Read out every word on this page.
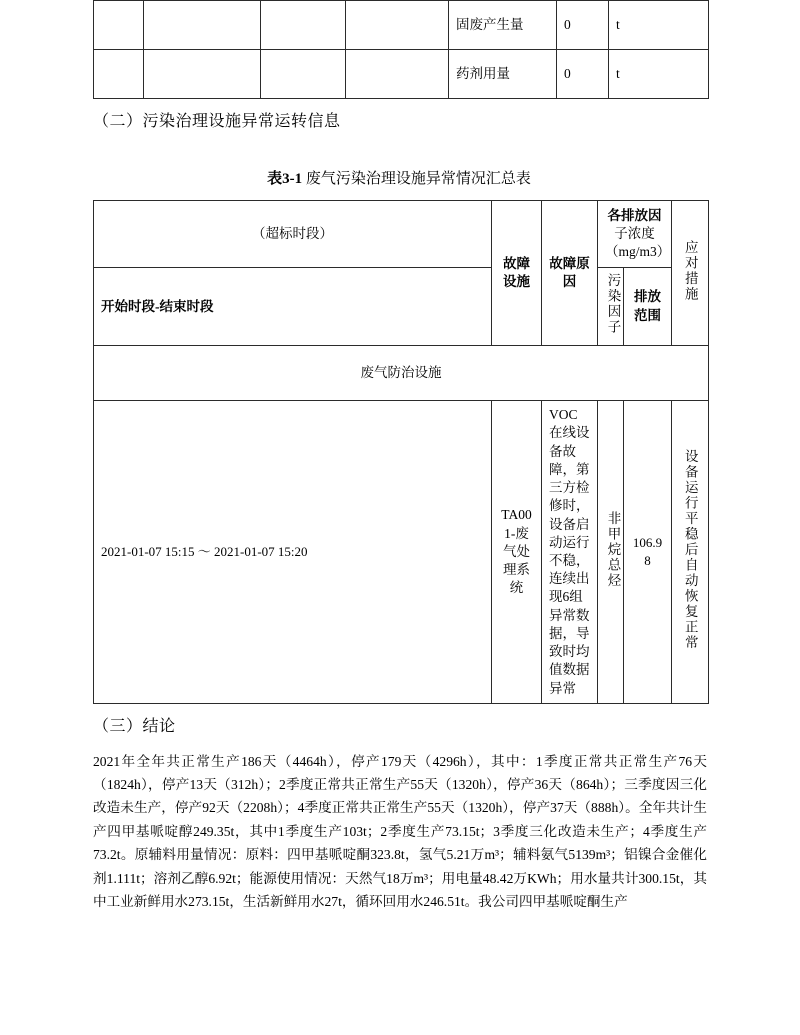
				固废产生量	0	t
				药剂用量	0	t
（二）污染治理设施异常运转信息
表3-1 废气污染治理设施异常情况汇总表
（超标时段）	故障设施	故障原因	各排放因子浓度（mg/m3）		应对措施
开始时段-结束时段			污染因子	排放范围	
废气防治设施					
2021-01-07 15:15 ～ 2021-01-07 15:20	TA001-废气处理系统	VOC在线设备故障，第三方检修时，设备启动运行不稳，连续出现6组异常数据，导致时均值数据异常	非甲烷总烃	106.98	设备运行平稳后自动恢复正常
（三）结论
2021年全年共正常生产186天（4464h），停产179天（4296h），其中：1季度正常共正常生产76天（1824h），停产13天（312h）；2季度正常共正常生产55天（1320h），停产36天（864h）；三季度因三化改造未生产，停产92天（2208h）；4季度正常共正常生产55天（1320h），停产37天（888h）。全年共计生产四甲基哌啶醇249.35t，其中1季度生产103t；2季度生产73.15t；3季度三化改造未生产；4季度生产73.2t。原辅料用量情况：原料：四甲基哌啶酮323.8t，氢气5.21万m³；辅料氨气5139m³；铝镍合金催化剂1.111t；溶剂乙醇6.92t；能源使用情况：天然气18万m³；用电量48.42万KWh；用水量共计300.15t，其中工业新鲜用水273.15t，生活新鲜用水27t，循环回用水246.51t。我公司四甲基哌啶酮生产
